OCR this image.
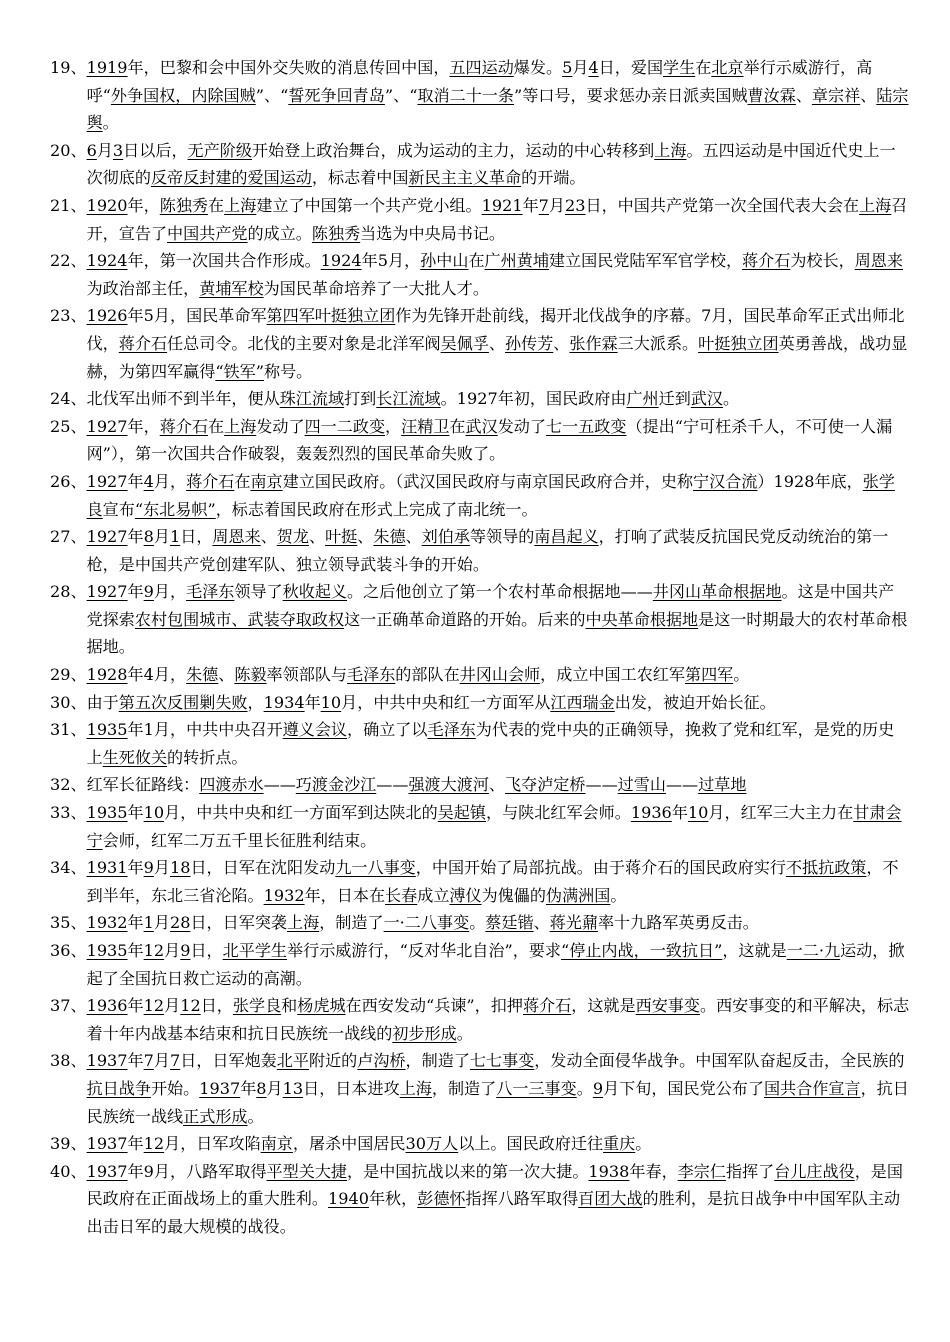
19、 1919年，巴黎和会中国外交失败的消息传回中国，五四运动爆发。5月4日，爱国学生在北京举行示威游行，高呼“外争国权，内除国贼”、“誓死争回青岛”、“取消二十一条”等口号，要求惩办亲日派卖国贼曹汝霖、章宗祥、陆宗舆。
20、 6月3日以后，无产阶级开始登上政治舞台，成为运动的主力，运动的中心转移到上海。五四运动是中国近代史上一次彻底的反帝反封建的爱国运动，标志着中国新民主主义革命的开端。
21、 1920年，陈独秀在上海建立了中国第一个共产党小组。1921年7月23日，中国共产党第一次全国代表大会在上海召开，宣告了中国共产党的成立。陈独秀当选为中央局书记。
22、 1924年，第一次国共合作形成。1924年5月，孙中山在广州黄埔建立国民党陆军军官学校，蒋介石为校长，周恩来为政治部主任，黄埔军校为国民革命培养了一大批人才。
23、 1926年5月，国民革命军第四军叶挺独立团作为先锋开赴前线，揭开北伐战争的序幕。7月，国民革命军正式出师北伐，蒋介石任总司令。北伐的主要对象是北洋军阀吴佩孚、孙传芳、张作霖三大派系。叶挺独立团英勇善战，战功显赫，为第四军赢得“铁军”称号。
24、 北伐军出师不到半年，便从珠江流域打到长江流域。1927年初，国民政府由广州迁到武汉。
25、 1927年，蒋介石在上海发动了四一二政变，汪精卫在武汉发动了七一五政变（提出“宁可枉杀千人，不可使一人漏网”），第一次国共合作破裂，轰轰烈烈的国民革命失败了。
26、 1927年4月，蒋介石在南京建立国民政府。（武汉国民政府与南京国民政府合并，史称宁汉合流）1928年底，张学良宣布“东北易帜”，标志着国民政府在形式上完成了南北统一。
27、 1927年8月1日，周恩来、贺龙、叶挺、朱德、刘伯承等领导的南昌起义，打响了武装反抗国民党反动统治的第一枪，是中国共产党创建军队、独立领导武装斗争的开始。
28、 1927年9月，毛泽东领导了秋收起义。之后他创立了第一个农村革命根据地——井冈山革命根据地。这是中国共产党探索农村包围城市、武装夺取政权这一正确革命道路的开始。后来的中央革命根据地是这一时期最大的农村革命根据地。
29、 1928年4月，朱德、陈毅率领部队与毛泽东的部队在井冈山会师，成立中国工农红军第四军。
30、 由于第五次反围剿失败，1934年10月，中共中央和红一方面军从江西瑞金出发，被迫开始长征。
31、 1935年1月，中共中央召开遵义会议，确立了以毛泽东为代表的党中央的正确领导，挽救了党和红军，是党的历史上生死攸关的转折点。
32、 红军长征路线：四渡赤水——巧渡金沙江——强渡大渡河、飞夺泸定桥——过雪山——过草地
33、 1935年10月，中共中央和红一方面军到达陕北的吴起镇，与陕北红军会师。1936年10月，红军三大主力在甘肃会宁会师，红军二万五千里长征胜利结束。
34、 1931年9月18日，日军在沈阳发动九一八事变，中国开始了局部抗战。由于蒋介石的国民政府实行不抵抗政策，不到半年，东北三省沦陷。1932年，日本在长春成立溥仪为傀儡的伪满洲国。
35、 1932年1月28日，日军突袭上海，制造了一·二八事变。蔡廷锴、蒋光鼐率十九路军英勇反击。
36、 1935年12月9日，北平学生举行示威游行，“反对华北自治”，要求“停止内战，一致抗日”，这就是一二·九运动，掀起了全国抗日救亡运动的高潮。
37、 1936年12月12日，张学良和杨虎城在西安发动“兵谏”，扣押蒋介石，这就是西安事变。西安事变的和平解决，标志着十年内战基本结束和抗日民族统一战线的初步形成。
38、 1937年7月7日，日军炮轰北平附近的卢沟桥，制造了七七事变，发动全面侵华战争。中国军队奋起反击，全民族的抗日战争开始。1937年8月13日，日本进攻上海，制造了八一三事变。9月下旬，国民党公布了国共合作宣言，抗日民族统一战线正式形成。
39、 1937年12月，日军攻陷南京，屠杀中国居民30万人以上。国民政府迁往重庆。
40、 1937年9月，八路军取得平型关大捷，是中国抗战以来的第一次大捷。1938年春，李宗仁指挥了台儿庄战役，是国民政府在正面战场上的重大胜利。1940年秋，彭德怀指挥八路军取得百团大战的胜利，是抗日战争中中国军队主动出击日军的最大规模的战役。
